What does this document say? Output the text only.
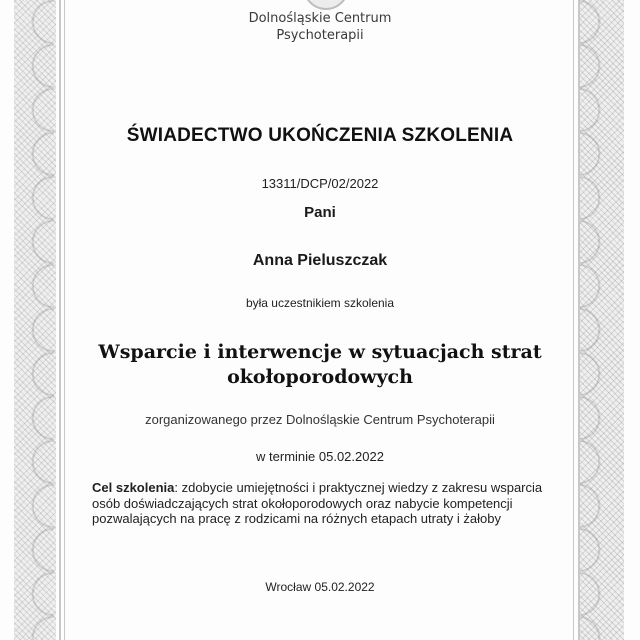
Dolnośląskie Centrum
Psychoterapii
ŚWIADECTWO UKOŃCZENIA SZKOLENIA
13311/DCP/02/2022
Pani
Anna Pieluszczak
była uczestnikiem szkolenia
Wsparcie i interwencje w sytuacjach strat
okołoporodowych
zorganizowanego przez Dolnośląskie Centrum Psychoterapii
w terminie 05.02.2022
Cel szkolenia: zdobycie umiejętności i praktycznej wiedzy z zakresu wsparcia osób doświadczających strat okołoporodowych oraz nabycie kompetencji pozwalających na pracę z rodzicami na różnych etapach utraty i żałoby
Wrocław 05.02.2022
